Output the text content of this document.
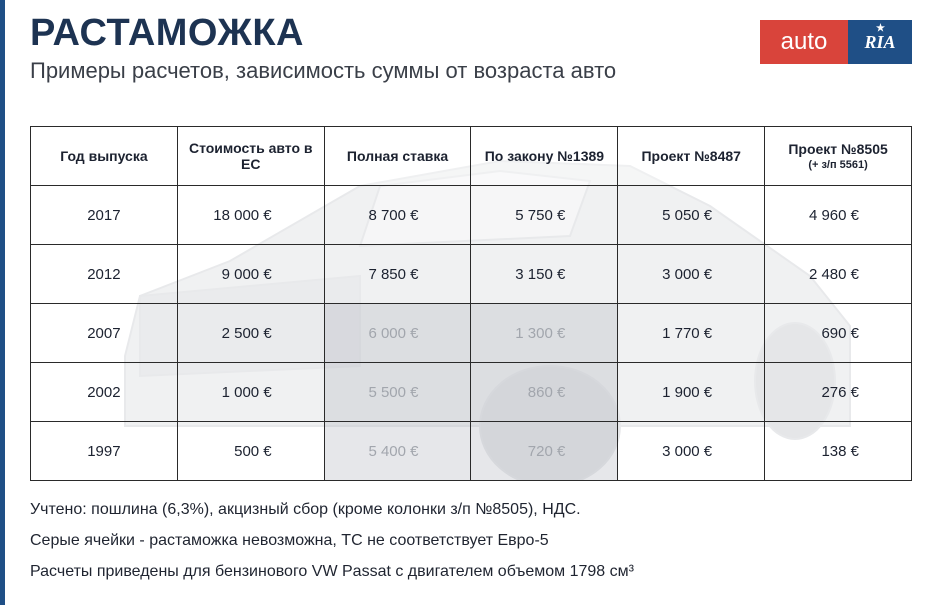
РАСТАМОЖКА
Примеры расчетов, зависимость суммы от возраста авто
auto	★
RIA
Год выпуска	Стоимость авто в ЕС	Полная ставка	По закону №1389	Проект №8487	Проект №8505
(+ з/п 5561)

2017	18 000 €	8 700 €	5 750 €	5 050 €	4 960 €
2012	9 000 €	7 850 €	3 150 €	3 000 €	2 480 €
2007	2 500 €	6 000 €	1 300 €	1 770 €	690 €
2002	1 000 €	5 500 €	860 €	1 900 €	276 €
1997	500 €	5 400 €	720 €	3 000 €	138 €
Учтено: пошлина (6,3%), акцизный сбор (кроме колонки з/п №8505), НДС.
Серые ячейки - растаможка невозможна, ТС не соответствует Евро-5
Расчеты приведены для бензинового VW Passat с двигателем объемом 1798 см³
